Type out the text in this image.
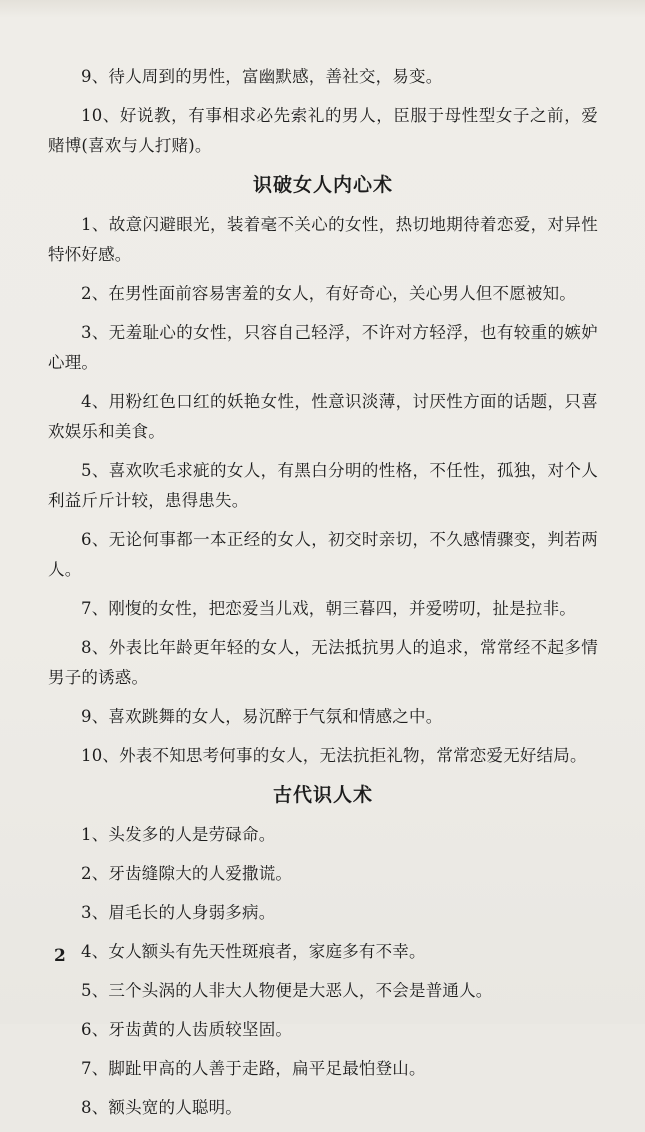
9、待人周到的男性，富幽默感，善社交，易变。

10、好说教，有事相求必先索礼的男人，臣服于母性型女子之前，爱赌博(喜欢与人打赌)。

识破女人内心术

1、故意闪避眼光，装着毫不关心的女性，热切地期待着恋爱，对异性特怀好感。

2、在男性面前容易害羞的女人，有好奇心，关心男人但不愿被知。

3、无羞耻心的女性，只容自己轻浮，不许对方轻浮，也有较重的嫉妒心理。

4、用粉红色口红的妖艳女性，性意识淡薄，讨厌性方面的话题，只喜欢娱乐和美食。

5、喜欢吹毛求疵的女人，有黑白分明的性格，不任性，孤独，对个人利益斤斤计较，患得患失。

6、无论何事都一本正经的女人，初交时亲切，不久感情骤变，判若两人。

7、刚愎的女性，把恋爱当儿戏，朝三暮四，并爱唠叨，扯是拉非。

8、外表比年龄更年轻的女人，无法抵抗男人的追求，常常经不起多情男子的诱惑。

9、喜欢跳舞的女人，易沉醉于气氛和情感之中。

10、外表不知思考何事的女人，无法抗拒礼物，常常恋爱无好结局。

古代识人术

1、头发多的人是劳碌命。

2、牙齿缝隙大的人爱撒谎。

3、眉毛长的人身弱多病。

4、女人额头有先天性斑痕者，家庭多有不幸。

5、三个头涡的人非大人物便是大恶人，不会是普通人。

6、牙齿黄的人齿质较坚固。

7、脚趾甲高的人善于走路，扁平足最怕登山。

8、额头宽的人聪明。

2
